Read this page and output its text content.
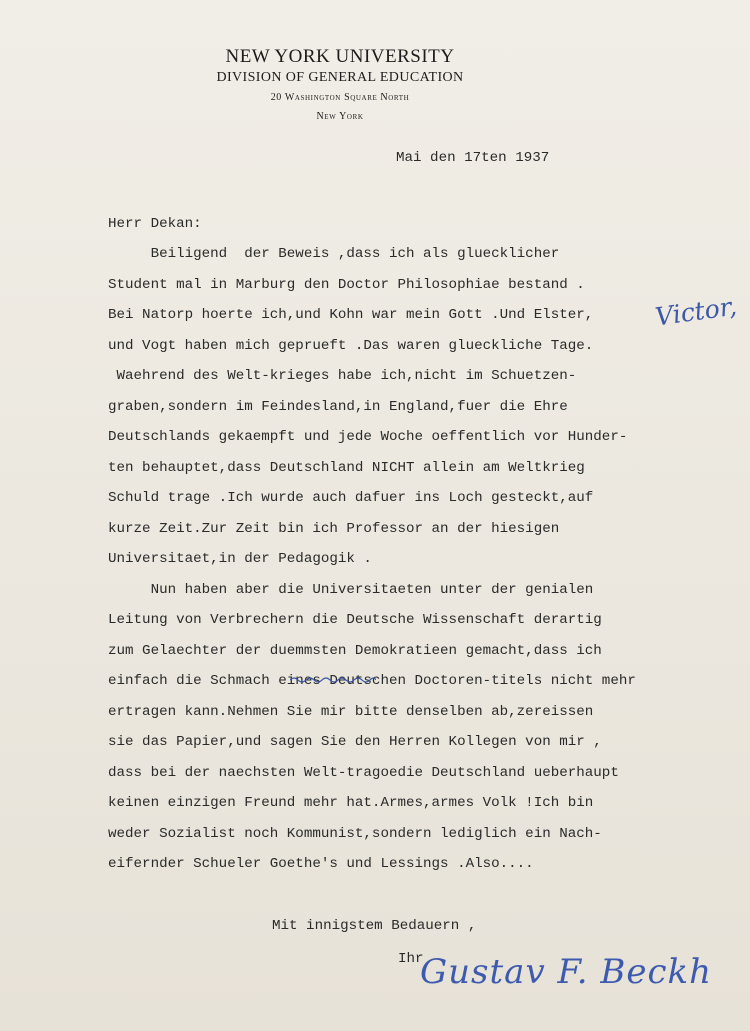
NEW YORK UNIVERSITY
DIVISION OF GENERAL EDUCATION
20 Washington Square North
New York
Mai den 17ten 1937
Herr Dekan:
Beiligend  der Beweis ,dass ich als gluecklicher
Student mal in Marburg den Doctor Philosophiae bestand .
Bei Natorp hoerte ich,und Kohn war mein Gott .Und Elster,
und Vogt haben mich geprueft .Das waren glueckliche Tage.
Waehrend des Welt-krieges habe ich,nicht im Schuetzen-
graben,sondern im Feindesland,in England,fuer die Ehre
Deutschlands gekaempft und jede Woche oeffentlich vor Hunder-
ten behauptet,dass Deutschland NICHT allein am Weltkrieg
Schuld trage .Ich wurde auch dafuer ins Loch gesteckt,auf
kurze Zeit.Zur Zeit bin ich Professor an der hiesigen
Universitaet,in der Pedagogik .
Nun haben aber die Universitaeten unter der genialen
Leitung von Verbrechern die Deutsche Wissenschaft derartig
zum Gelaechter der duemmsten Demokratieen gemacht,dass ich
einfach die Schmach eines Deutschen Doctoren-titels nicht mehr
ertragen kann.Nehmen Sie mir bitte denselben ab,zereissen
sie das Papier,und sagen Sie den Herren Kollegen von mir ,
dass bei der naechsten Welt-tragoedie Deutschland ueberhaupt
keinen einzigen Freund mehr hat.Armes,armes Volk !Ich bin
weder Sozialist noch Kommunist,sondern lediglich ein Nach-
eifernder Schueler Goethe's und Lessings .Also....
Mit innigstem Bedauern ,
Ihr
Victor,
Gustav F. Beckh
